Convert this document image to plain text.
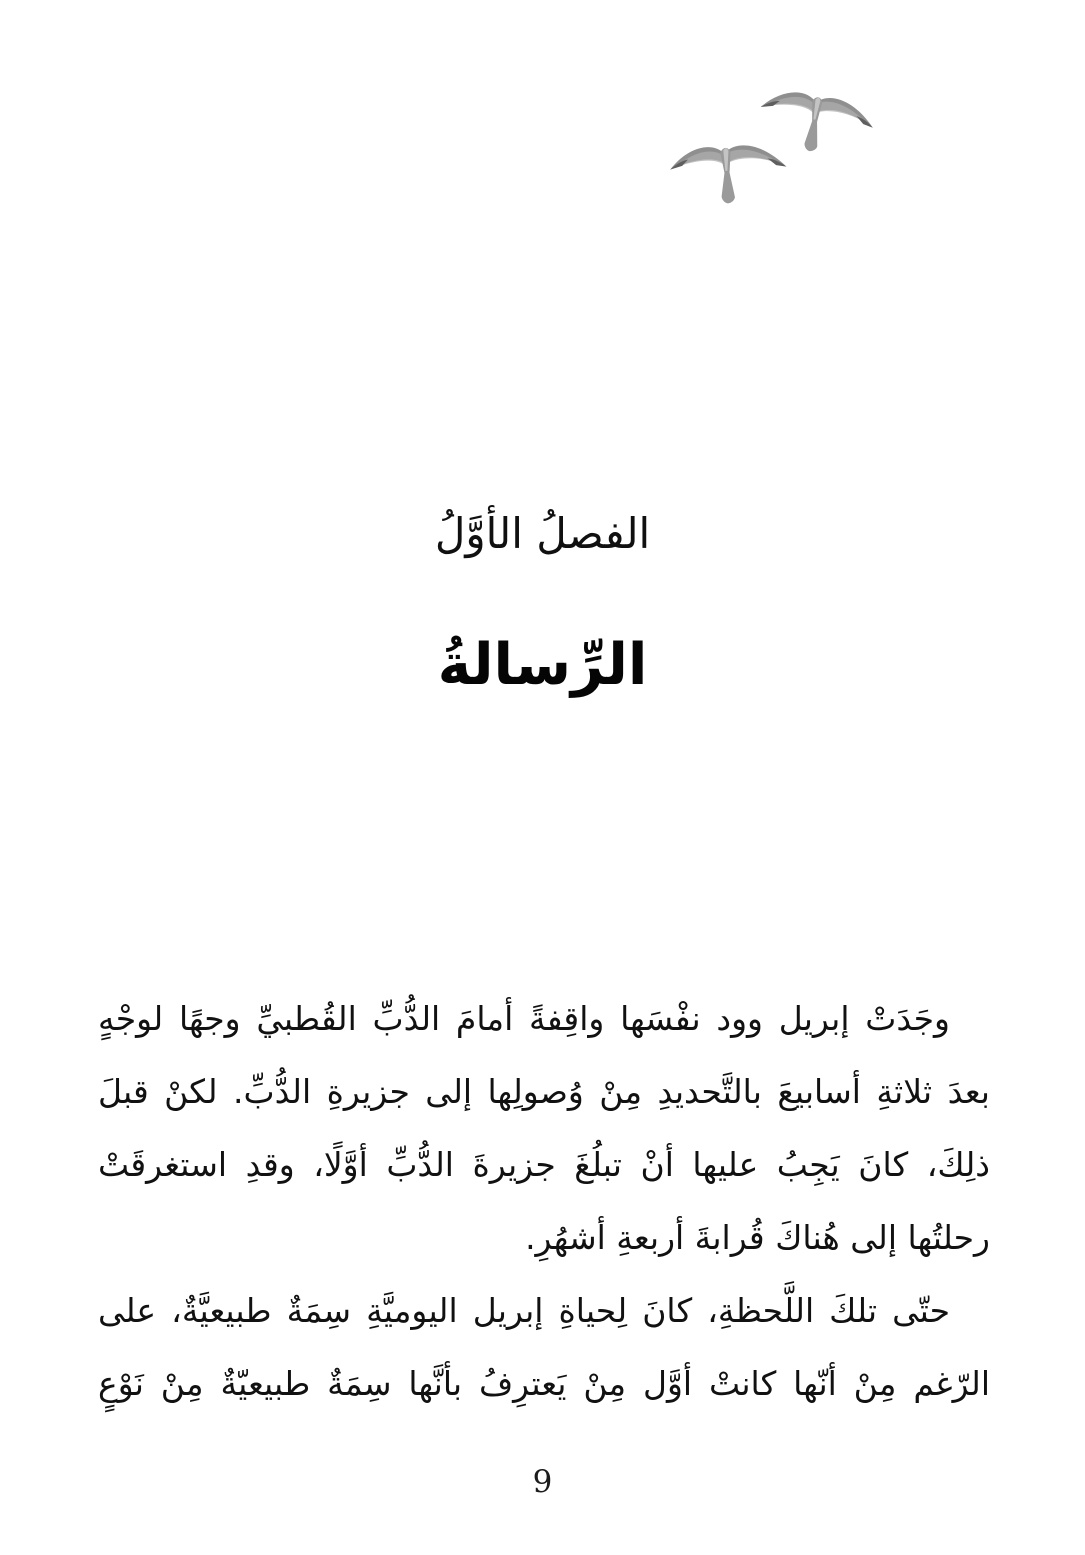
الفصلُ الأوَّلُ
الرِّسالةُ
وجَدَتْ إبريل وود نفْسَها واقِفةً أمامَ الدُّبِّ القُطبيِّ وجهًا لوجْهٍ
بعدَ ثلاثةِ أسابيعَ بالتَّحديدِ مِنْ وُصولِها إلى جزيرةِ الدُّبِّ. لكنْ قبلَ
ذلِكَ، كانَ يَجِبُ عليها أنْ تبلُغَ جزيرةَ الدُّبِّ أوَّلًا، وقدِ استغرقَتْ
رحلتُها إلى هُناكَ قُرابةَ أربعةِ أشهُرِ.
حتّى تلكَ اللَّحظةِ، كانَ لِحياةِ إبريل اليوميَّةِ سِمَةٌ طبيعيَّةٌ، على
الرّغم مِنْ أنّها كانتْ أوَّل مِنْ يَعترِفُ بأنَّها سِمَةٌ طبيعيّةٌ مِنْ نَوْعٍ
9
